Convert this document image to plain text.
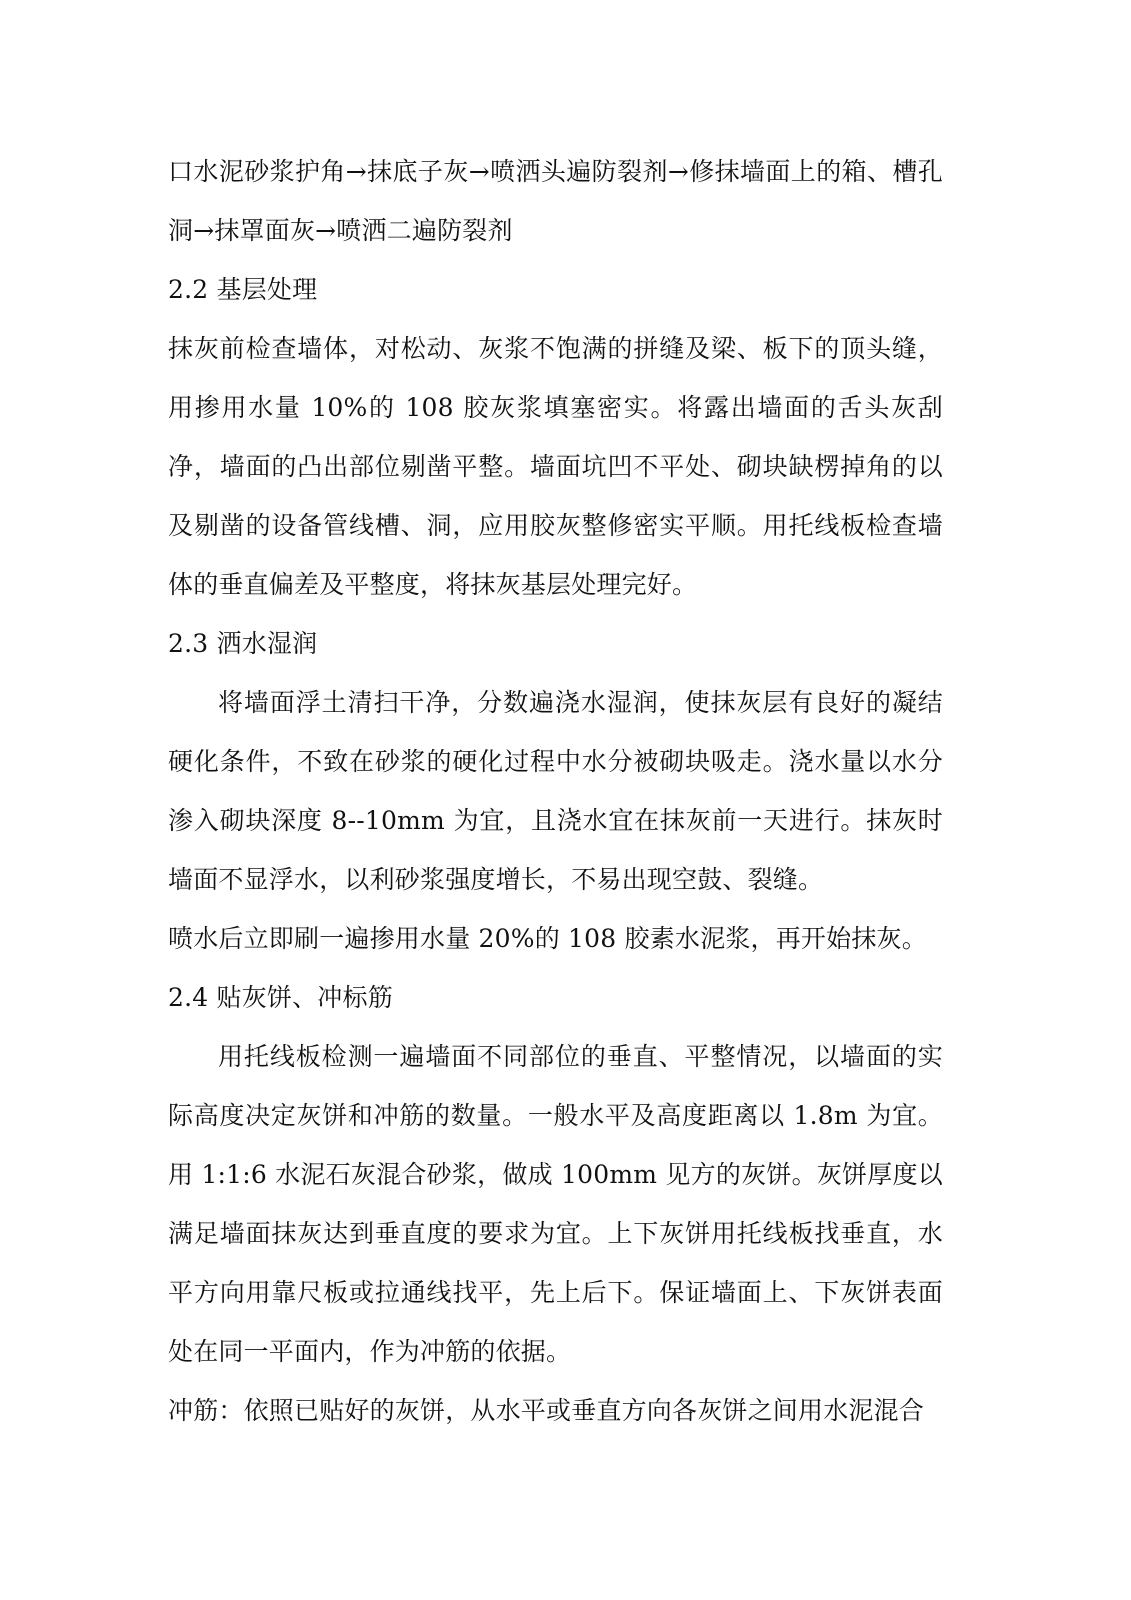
口水泥砂浆护角→抹底子灰→喷洒头遍防裂剂→修抹墙面上的箱、槽孔洞→抹罩面灰→喷洒二遍防裂剂

2.2 基层处理

抹灰前检查墙体，对松动、灰浆不饱满的拼缝及梁、板下的顶头缝，用掺用水量 10%的 108 胶灰浆填塞密实。将露出墙面的舌头灰刮净，墙面的凸出部位剔凿平整。墙面坑凹不平处、砌块缺楞掉角的以及剔凿的设备管线槽、洞，应用胶灰整修密实平顺。用托线板检查墙体的垂直偏差及平整度，将抹灰基层处理完好。

2.3 洒水湿润

将墙面浮土清扫干净，分数遍浇水湿润，使抹灰层有良好的凝结硬化条件，不致在砂浆的硬化过程中水分被砌块吸走。浇水量以水分渗入砌块深度 8--10mm 为宜，且浇水宜在抹灰前一天进行。抹灰时墙面不显浮水，以利砂浆强度增长，不易出现空鼓、裂缝。

喷水后立即刷一遍掺用水量 20%的 108 胶素水泥浆，再开始抹灰。

2.4 贴灰饼、冲标筋

用托线板检测一遍墙面不同部位的垂直、平整情况，以墙面的实际高度决定灰饼和冲筋的数量。一般水平及高度距离以 1.8m 为宜。用 1:1:6 水泥石灰混合砂浆，做成 100mm 见方的灰饼。灰饼厚度以满足墙面抹灰达到垂直度的要求为宜。上下灰饼用托线板找垂直，水平方向用靠尺板或拉通线找平，先上后下。保证墙面上、下灰饼表面处在同一平面内，作为冲筋的依据。

冲筋：依照已贴好的灰饼，从水平或垂直方向各灰饼之间用水泥混合
